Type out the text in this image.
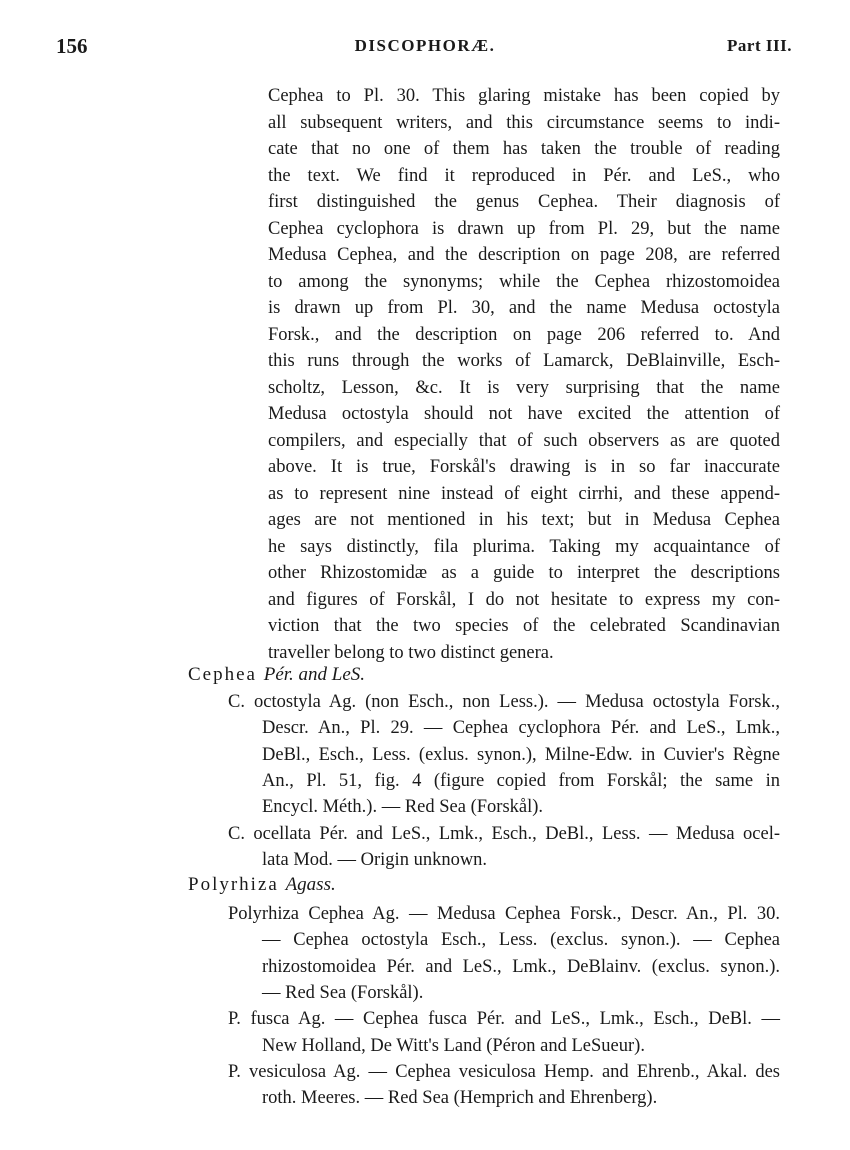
156	DISCOPHORÆ.	Part III.
Cephea to Pl. 30. This glaring mistake has been copied by
all subsequent writers, and this circumstance seems to indi-
cate that no one of them has taken the trouble of reading
the text. We find it reproduced in Pér. and LeS., who
first distinguished the genus Cephea. Their diagnosis of
Cephea cyclophora is drawn up from Pl. 29, but the name
Medusa Cephea, and the description on page 208, are referred
to among the synonyms; while the Cephea rhizostomoidea
is drawn up from Pl. 30, and the name Medusa octostyla
Forsk., and the description on page 206 referred to. And
this runs through the works of Lamarck, DeBlainville, Esch-
scholtz, Lesson, &c. It is very surprising that the name
Medusa octostyla should not have excited the attention of
compilers, and especially that of such observers as are quoted
above. It is true, Forskål's drawing is in so far inaccurate
as to represent nine instead of eight cirrhi, and these append-
ages are not mentioned in his text; but in Medusa Cephea
he says distinctly, fila plurima. Taking my acquaintance of
other Rhizostomidæ as a guide to interpret the descriptions
and figures of Forskål, I do not hesitate to express my con-
viction that the two species of the celebrated Scandinavian
traveller belong to two distinct genera.
Cephea Pér. and LeS.
C. octostyla Ag. (non Esch., non Less.). — Medusa octostyla Forsk.,
Descr. An., Pl. 29. — Cephea cyclophora Pér. and LeS., Lmk.,
DeBl., Esch., Less. (exlus. synon.), Milne-Edw. in Cuvier's Règne
An., Pl. 51, fig. 4 (figure copied from Forskål; the same in
Encycl. Méth.). — Red Sea (Forskål).
C. ocellata Pér. and LeS., Lmk., Esch., DeBl., Less. — Medusa ocel-
lata Mod. — Origin unknown.
Polyrhiza Agass.
Polyrhiza Cephea Ag. — Medusa Cephea Forsk., Descr. An., Pl. 30.
— Cephea octostyla Esch., Less. (exclus. synon.). — Cephea
rhizostomoidea Pér. and LeS., Lmk., DeBlainv. (exclus. synon.).
— Red Sea (Forskål).
P. fusca Ag. — Cephea fusca Pér. and LeS., Lmk., Esch., DeBl. —
New Holland, De Witt's Land (Péron and LeSueur).
P. vesiculosa Ag. — Cephea vesiculosa Hemp. and Ehrenb., Akal. des
roth. Meeres. — Red Sea (Hemprich and Ehrenberg).
